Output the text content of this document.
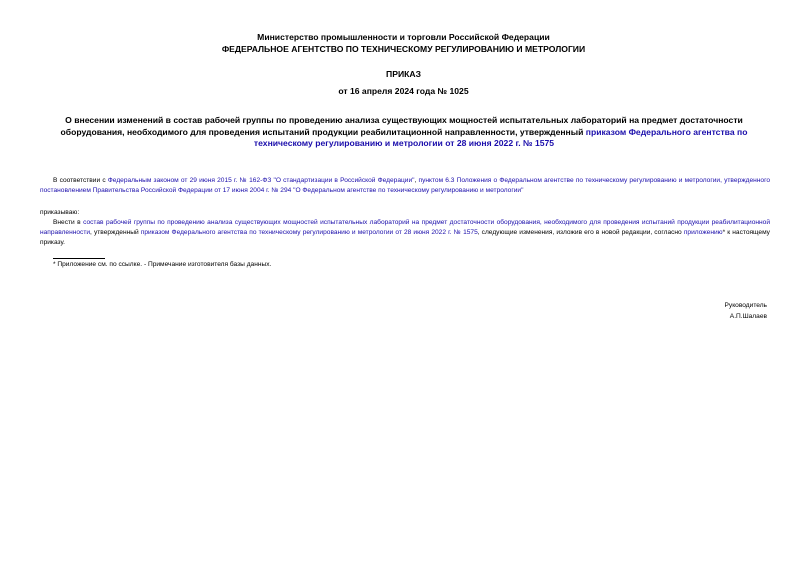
Министерство промышленности и торговли Российской Федерации
ФЕДЕРАЛЬНОЕ АГЕНТСТВО ПО ТЕХНИЧЕСКОМУ РЕГУЛИРОВАНИЮ И МЕТРОЛОГИИ
ПРИКАЗ
от 16 апреля 2024 года № 1025
О внесении изменений в состав рабочей группы по проведению анализа существующих мощностей испытательных лабораторий на предмет достаточности оборудования, необходимого для проведения испытаний продукции реабилитационной направленности, утвержденный приказом Федерального агентства по техническому регулированию и метрологии от 28 июня 2022 г. № 1575
В соответствии с Федеральным законом от 29 июня 2015 г. № 162-ФЗ "О стандартизации в Российской Федерации", пунктом 6.3 Положения о Федеральном агентстве по техническому регулированию и метрологии, утвержденного постановлением Правительства Российской Федерации от 17 июня 2004 г. № 294 "О Федеральном агентстве по техническому регулированию и метрологии"
приказываю:
Внести в состав рабочей группы по проведению анализа существующих мощностей испытательных лабораторий на предмет достаточности оборудования, необходимого для проведения испытаний продукции реабилитационной направленности, утвержденный приказом Федерального агентства по техническому регулированию и метрологии от 28 июня 2022 г. № 1575, следующие изменения, изложив его в новой редакции, согласно приложению* к настоящему приказу.
* Приложение см. по ссылке. - Примечание изготовителя базы данных.
Руководитель
А.П.Шалаев
